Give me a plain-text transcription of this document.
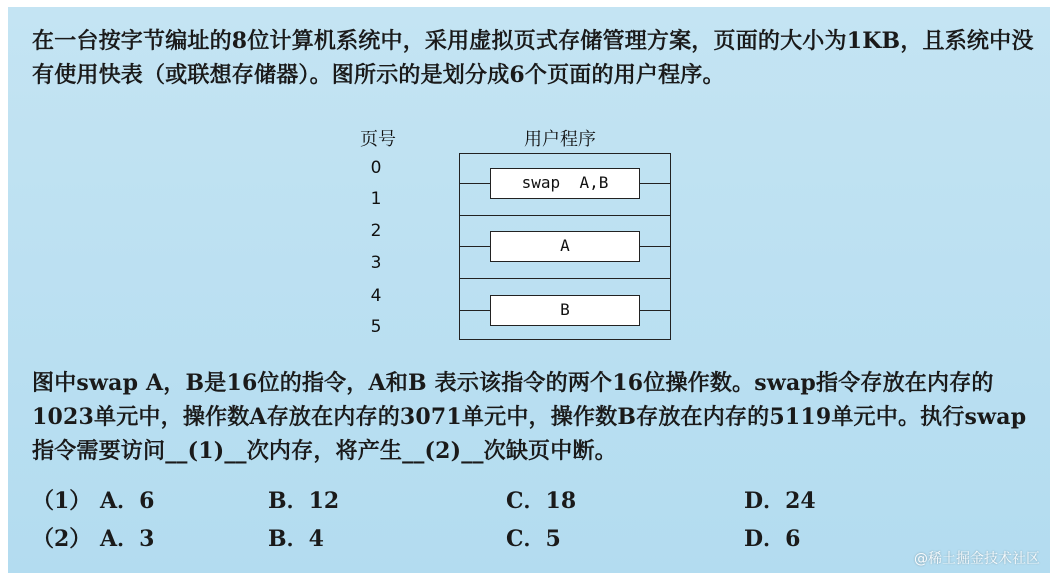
在一台按字节编址的8位计算机系统中，采用虚拟页式存储管理方案，页面的大小为1KB，且系统中没有使用快表（或联想存储器）。图所示的是划分成6个页面的用户程序。

页号	用户程序
0
1
2
3
4
5
swap  A,B
A
B

图中swap A，B是16位的指令，A和B 表示该指令的两个16位操作数。swap指令存放在内存的1023单元中，操作数A存放在内存的3071单元中，操作数B存放在内存的5119单元中。执行swap指令需要访问__(1)__次内存，将产生__(2)__次缺页中断。

（1） A．6	B．12	C．18	D．24
（2） A．3	B．4	C．5	D．6
@稀土掘金技术社区
